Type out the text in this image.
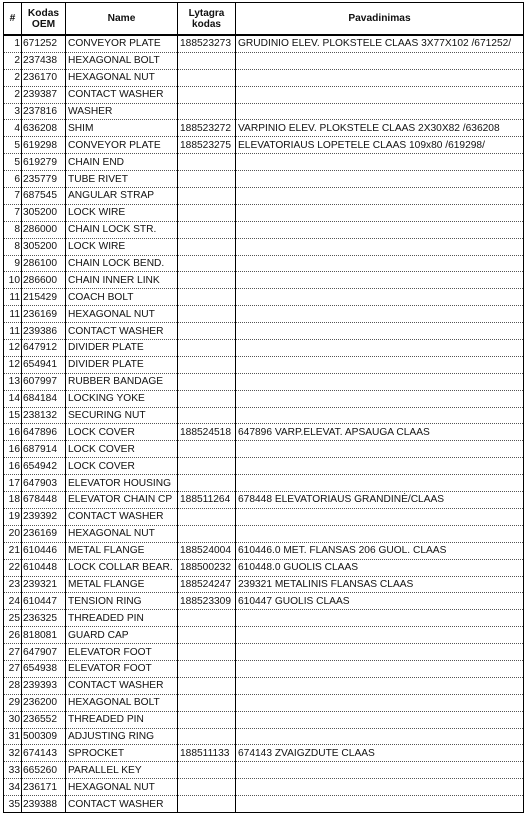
#	Kodas OEM	Name	Lytagra kodas	Pavadinimas
1	671252	CONVEYOR PLATE	188523273	GRUDINIO ELEV. PLOKSTELE CLAAS 3X77X102 /671252/
2	237438	HEXAGONAL BOLT		
2	236170	HEXAGONAL NUT		
2	239387	CONTACT WASHER		
3	237816	WASHER		
4	636208	SHIM	188523272	VARPINIO ELEV. PLOKSTELE CLAAS 2X30X82 /636208
5	619298	CONVEYOR PLATE	188523275	ELEVATORIAUS LOPETELE CLAAS 109x80 /619298/
5	619279	CHAIN END		
6	235779	TUBE RIVET		
7	687545	ANGULAR STRAP		
7	305200	LOCK WIRE		
8	286000	CHAIN LOCK STR.		
8	305200	LOCK WIRE		
9	286100	CHAIN LOCK BEND.		
10	286600	CHAIN INNER LINK		
11	215429	COACH BOLT		
11	236169	HEXAGONAL NUT		
11	239386	CONTACT WASHER		
12	647912	DIVIDER PLATE		
12	654941	DIVIDER PLATE		
13	607997	RUBBER BANDAGE		
14	684184	LOCKING YOKE		
15	238132	SECURING NUT		
16	647896	LOCK COVER	188524518	647896 VARP.ELEVAT. APSAUGA CLAAS
16	687914	LOCK COVER		
16	654942	LOCK COVER		
17	647903	ELEVATOR HOUSING		
18	678448	ELEVATOR CHAIN CP	188511264	678448 ELEVATORIAUS GRANDINĖ/CLAAS
19	239392	CONTACT WASHER		
20	236169	HEXAGONAL NUT		
21	610446	METAL FLANGE	188524004	610446.0 MET. FLANSAS 206 GUOL. CLAAS
22	610448	LOCK COLLAR BEAR.	188500232	610448.0 GUOLIS CLAAS
23	239321	METAL FLANGE	188524247	239321 METALINIS FLANSAS CLAAS
24	610447	TENSION RING	188523309	610447 GUOLIS CLAAS
25	236325	THREADED PIN		
26	818081	GUARD CAP		
27	647907	ELEVATOR FOOT		
27	654938	ELEVATOR FOOT		
28	239393	CONTACT WASHER		
29	236200	HEXAGONAL BOLT		
30	236552	THREADED PIN		
31	500309	ADJUSTING RING		
32	674143	SPROCKET	188511133	674143 ZVAIGZDUTE CLAAS
33	665260	PARALLEL KEY		
34	236171	HEXAGONAL NUT		
35	239388	CONTACT WASHER		
